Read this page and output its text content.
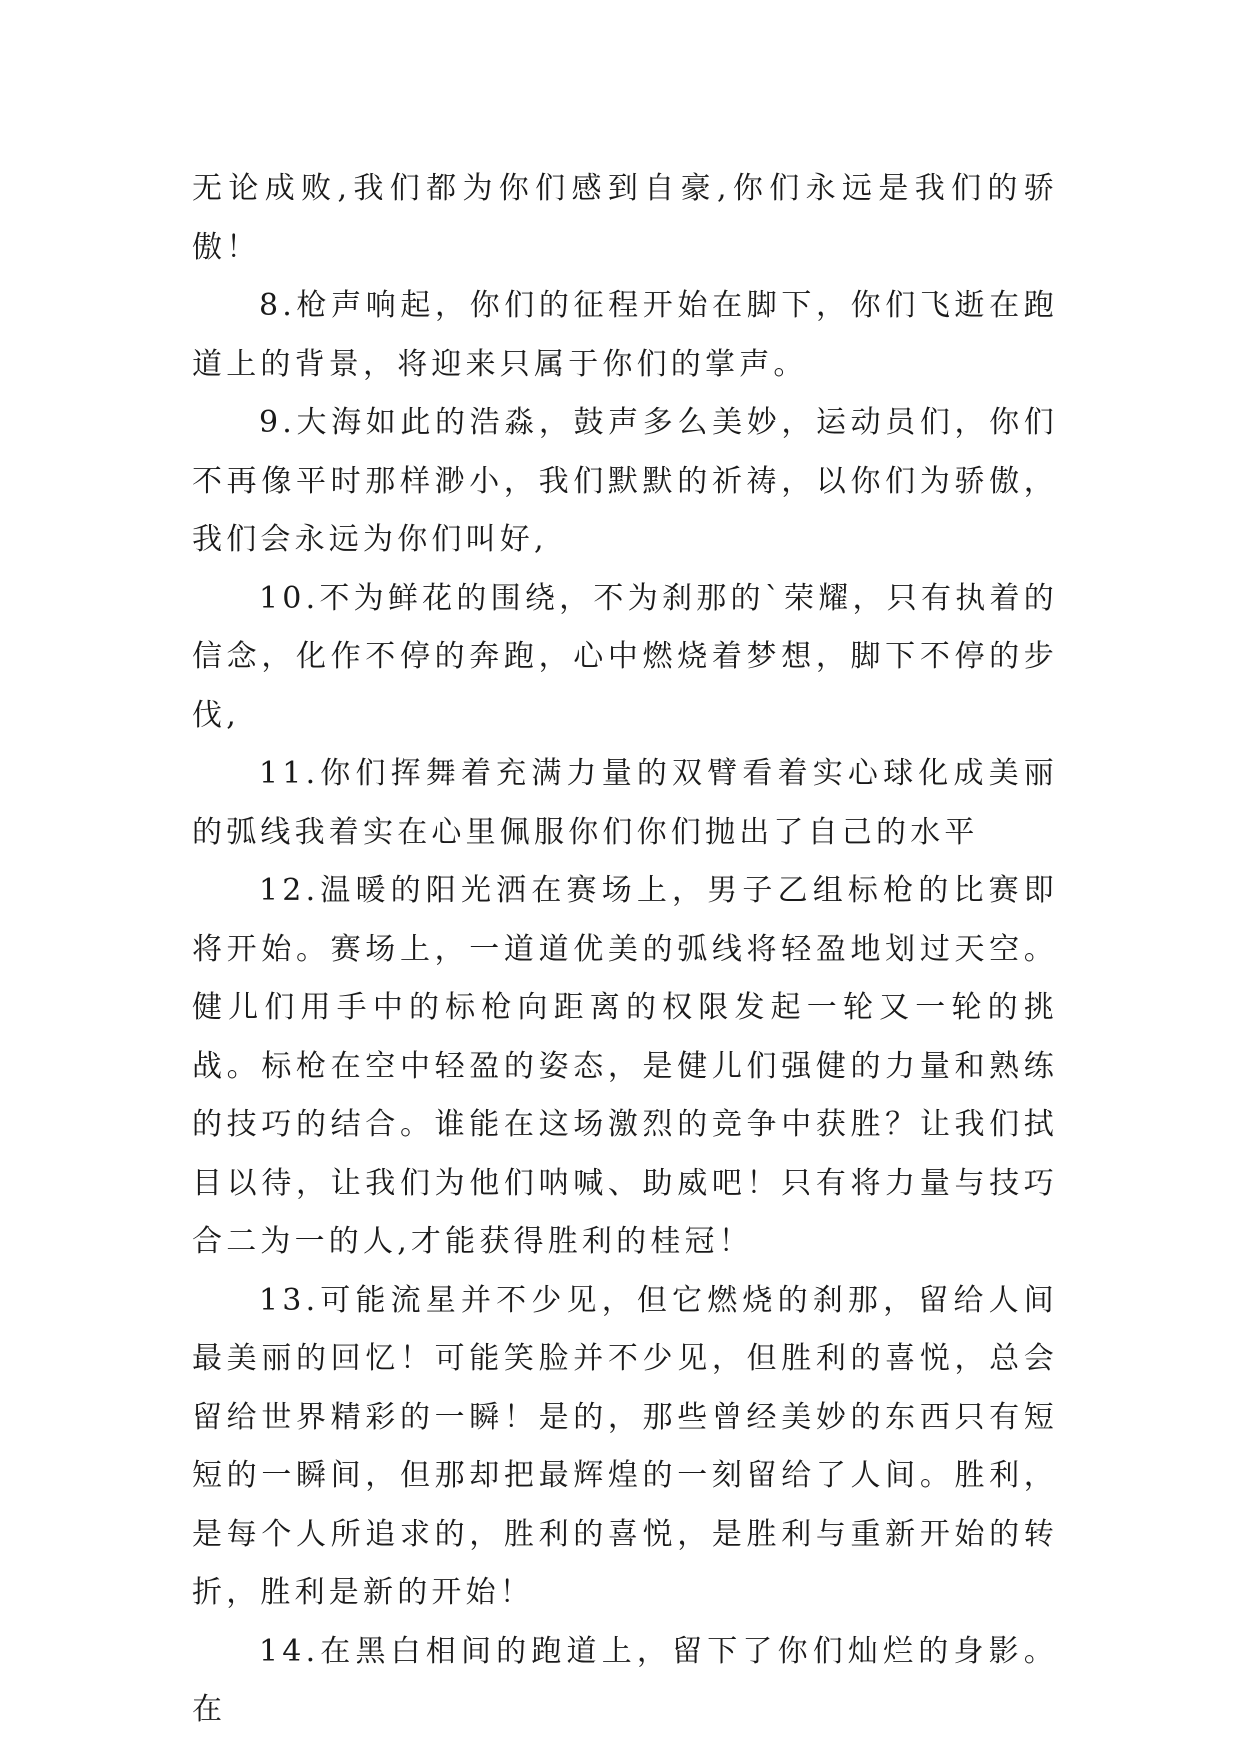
无论成败,我们都为你们感到自豪,你们永远是我们的骄傲！

8.枪声响起，你们的征程开始在脚下，你们飞逝在跑道上的背景，将迎来只属于你们的掌声。

9.大海如此的浩淼，鼓声多么美妙，运动员们，你们不再像平时那样渺小，我们默默的祈祷，以你们为骄傲，我们会永远为你们叫好,

10.不为鲜花的围绕，不为刹那的`荣耀，只有执着的信念，化作不停的奔跑，心中燃烧着梦想，脚下不停的步伐,

11.你们挥舞着充满力量的双臂看着实心球化成美丽的弧线我着实在心里佩服你们你们抛出了自己的水平

12.温暖的阳光洒在赛场上，男子乙组标枪的比赛即将开始。赛场上，一道道优美的弧线将轻盈地划过天空。健儿们用手中的标枪向距离的权限发起一轮又一轮的挑战。标枪在空中轻盈的姿态，是健儿们强健的力量和熟练的技巧的结合。谁能在这场激烈的竞争中获胜？让我们拭目以待，让我们为他们呐喊、助威吧！只有将力量与技巧合二为一的人,才能获得胜利的桂冠！

13.可能流星并不少见，但它燃烧的刹那，留给人间最美丽的回忆！可能笑脸并不少见，但胜利的喜悦，总会留给世界精彩的一瞬！是的，那些曾经美妙的东西只有短短的一瞬间，但那却把最辉煌的一刻留给了人间。胜利，是每个人所追求的，胜利的喜悦，是胜利与重新开始的转折，胜利是新的开始！

14.在黑白相间的跑道上，留下了你们灿烂的身影。在
